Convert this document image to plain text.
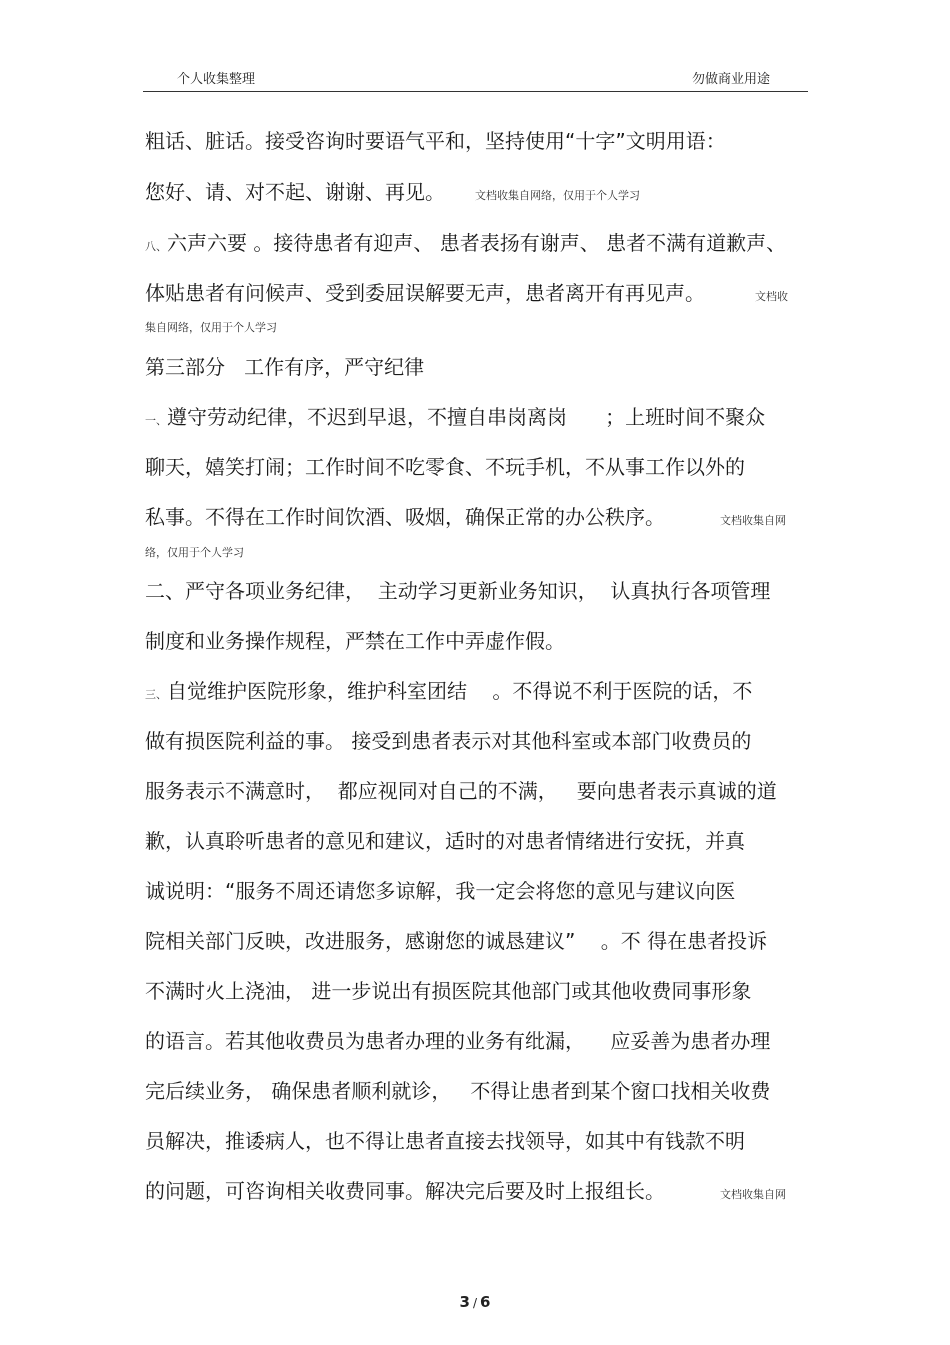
个人收集整理	勿做商业用途
粗话、脏话。接受咨询时要语气平和，坚持使用“十字”文明用语：
您好、请、对不起、谢谢、再见。	文档收集自网络，仅用于个人学习
八、六声六要 。接待患者有迎声、 患者表扬有谢声、 患者不满有道歉声、
体贴患者有问候声、受到委屈误解要无声，患者离开有再见声。	文档收
集自网络，仅用于个人学习
第三部分   工作有序，严守纪律
一、遵守劳动纪律，不迟到早退，不擅自串岗离岗      ；上班时间不聚众
聊天，嬉笑打闹；工作时间不吃零食、不玩手机，不从事工作以外的
私事。不得在工作时间饮酒、吸烟，确保正常的办公秩序。	文档收集自网
络，仅用于个人学习
二、严守各项业务纪律，  主动学习更新业务知识，  认真执行各项管理
制度和业务操作规程，严禁在工作中弄虚作假。
三、自觉维护医院形象，维护科室团结    。不得说不利于医院的话，不
做有损医院利益的事。 接受到患者表示对其他科室或本部门收费员的
服务表示不满意时，  都应视同对自己的不满，   要向患者表示真诚的道
歉，认真聆听患者的意见和建议，适时的对患者情绪进行安抚，并真
诚说明：“服务不周还请您多谅解，我一定会将您的意见与建议向医
院相关部门反映，改进服务，感谢您的诚恳建议”    。不 得在患者投诉
不满时火上浇油， 进一步说出有损医院其他部门或其他收费同事形象
的语言。若其他收费员为患者办理的业务有纰漏，    应妥善为患者办理
完后续业务， 确保患者顺利就诊，   不得让患者到某个窗口找相关收费
员解决，推诿病人，也不得让患者直接去找领导，如其中有钱款不明
的问题，可咨询相关收费同事。解决完后要及时上报组长。	文档收集自网
3 / 6
